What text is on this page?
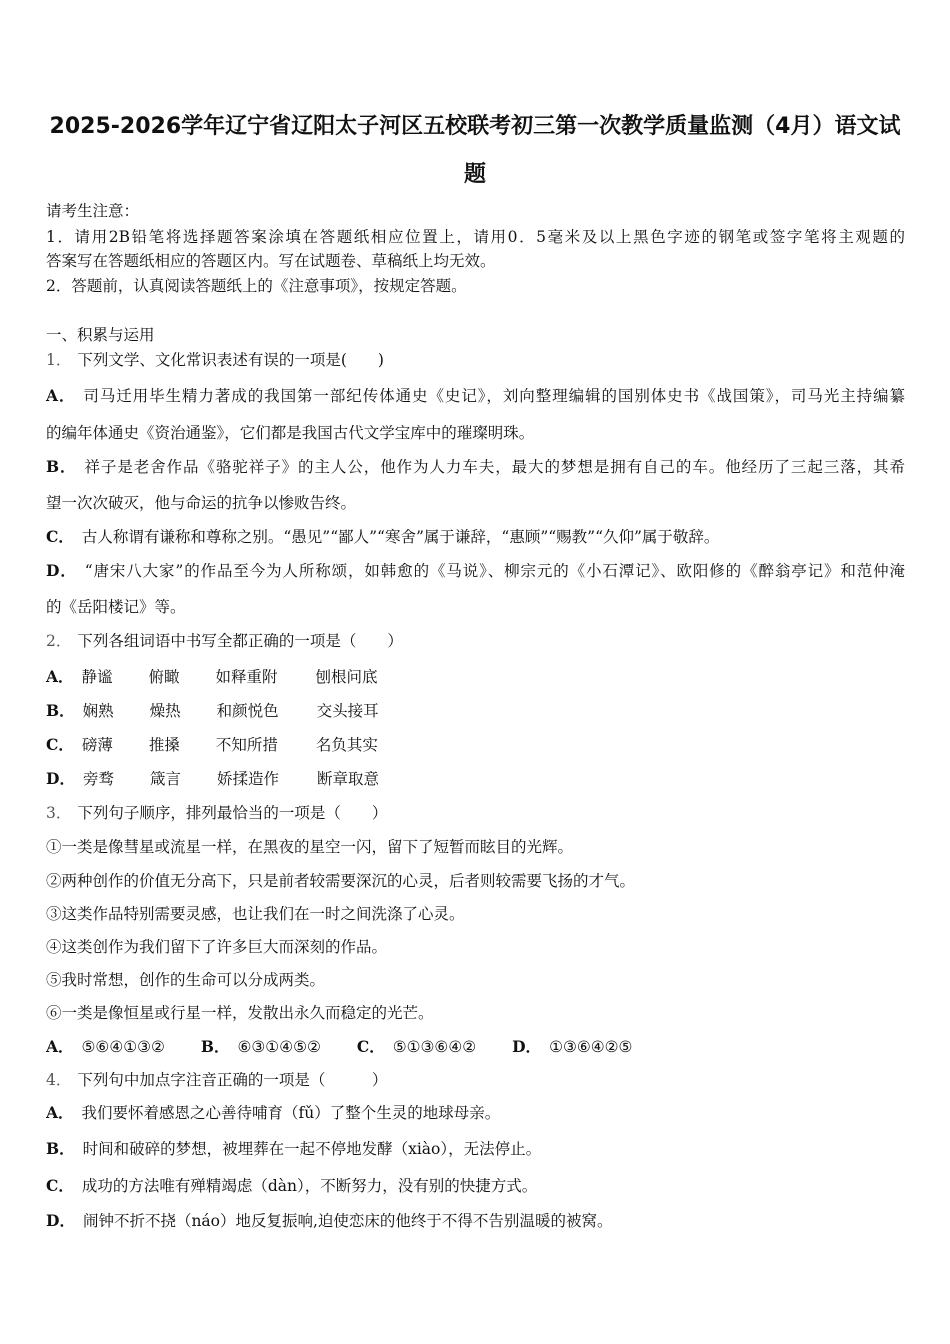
2025-2026学年辽宁省辽阳太子河区五校联考初三第一次教学质量监测（4月）语文试
题
请考生注意：
1．请用2B铅笔将选择题答案涂填在答题纸相应位置上，请用0．5毫米及以上黑色字迹的钢笔或签字笔将主观题的
答案写在答题纸相应的答题区内。写在试题卷、草稿纸上均无效。
2．答题前，认真阅读答题纸上的《注意事项》，按规定答题。
一、积累与运用
1． 下列文学、文化常识表述有误的一项是(　　)
A． 司马迁用毕生精力著成的我国第一部纪传体通史《史记》，刘向整理编辑的国别体史书《战国策》，司马光主持编纂
的编年体通史《资治通鉴》，它们都是我国古代文学宝库中的璀璨明珠。
B． 祥子是老舍作品《骆驼祥子》的主人公，他作为人力车夫，最大的梦想是拥有自己的车。他经历了三起三落，其希
望一次次破灭，他与命运的抗争以惨败告终。
C． 古人称谓有谦称和尊称之别。“愚见”“鄙人”“寒舍”属于谦辞，“惠顾”“赐教”“久仰”属于敬辞。
D． “唐宋八大家”的作品至今为人所称颂，如韩愈的《马说》、柳宗元的《小石潭记》、欧阳修的《醉翁亭记》和范仲淹
的《岳阳楼记》等。
2． 下列各组词语中书写全都正确的一项是（　　）
A． 静谧 俯瞰 如释重附 刨根问底
B． 娴熟 燥热 和颜悦色 交头接耳
C． 磅薄 推搡 不知所措 名负其实
D． 旁骛 箴言 娇揉造作 断章取意
3． 下列句子顺序，排列最恰当的一项是（　　）
①一类是像彗星或流星一样，在黑夜的星空一闪，留下了短暂而眩目的光辉。
②两种创作的价值无分高下，只是前者较需要深沉的心灵，后者则较需要飞扬的才气。
③这类作品特别需要灵感，也让我们在一时之间洗涤了心灵。
④这类创作为我们留下了许多巨大而深刻的作品。
⑤我时常想，创作的生命可以分成两类。
⑥一类是像恒星或行星一样，发散出永久而稳定的光芒。
A． ⑤⑥④①③② B． ⑥③①④⑤② C． ⑤①③⑥④② D． ①③⑥④②⑤
4． 下列句中加点字注音正确的一项是（　　　）
A． 我们要怀着感恩之心善待哺育（fǔ）了整个生灵的地球母亲。
B． 时间和破碎的梦想，被埋葬在一起不停地发酵（xiào），无法停止。
C． 成功的方法唯有殚精竭虑（dàn），不断努力，没有别的快捷方式。
D． 闹钟不折不挠（náo）地反复振响,迫使恋床的他终于不得不告别温暖的被窝。
